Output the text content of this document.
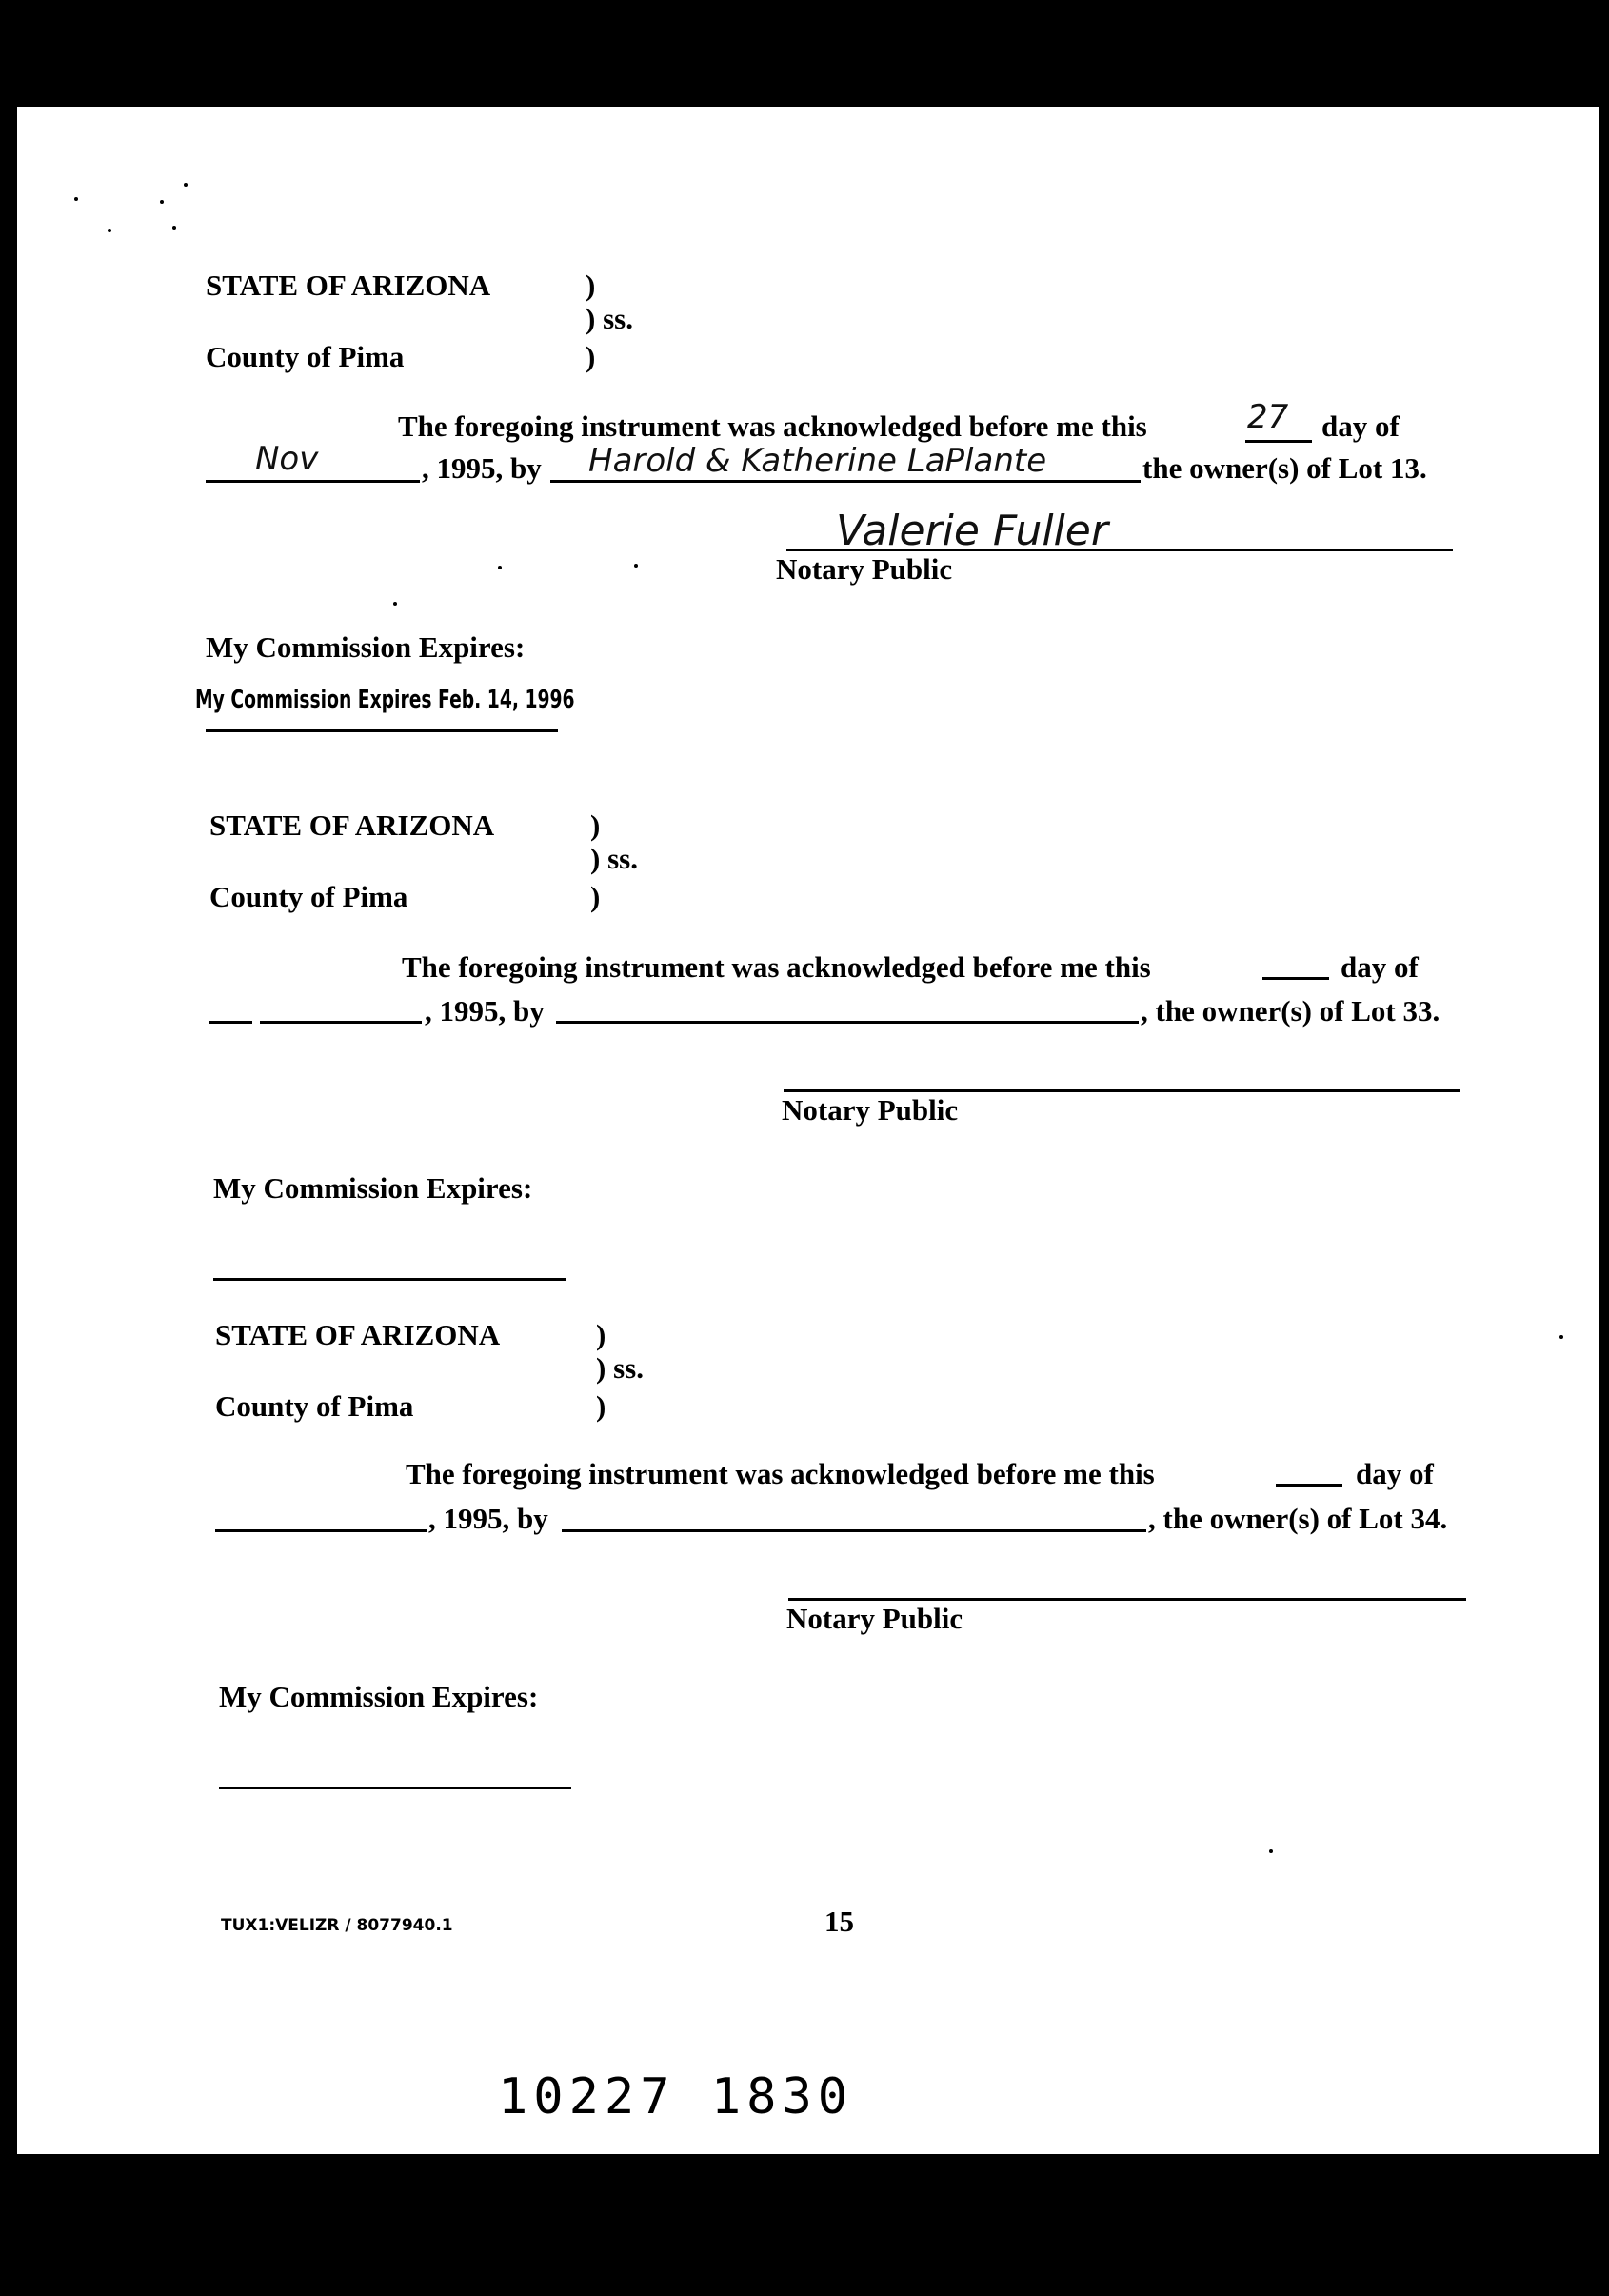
STATE OF ARIZONA	)
) ss.
County of Pima	)
The foregoing instrument was acknowledged before me this	27 day of
Nov	, 1995, by Harold & Katherine LaPlante	the owner(s) of Lot 13.
Valerie Fuller
Notary Public
My Commission Expires:
My Commission Expires Feb. 14, 1996
STATE OF ARIZONA	)
) ss.
County of Pima	)
The foregoing instrument was acknowledged before me this	day of
, 1995, by	, the owner(s) of Lot 33.
Notary Public
My Commission Expires:
STATE OF ARIZONA	)
) ss.
County of Pima	)
The foregoing instrument was acknowledged before me this	day of
, 1995, by	, the owner(s) of Lot 34.
Notary Public
My Commission Expires:
TUX1:VELIZR / 8077940.1	15
10227 1830
